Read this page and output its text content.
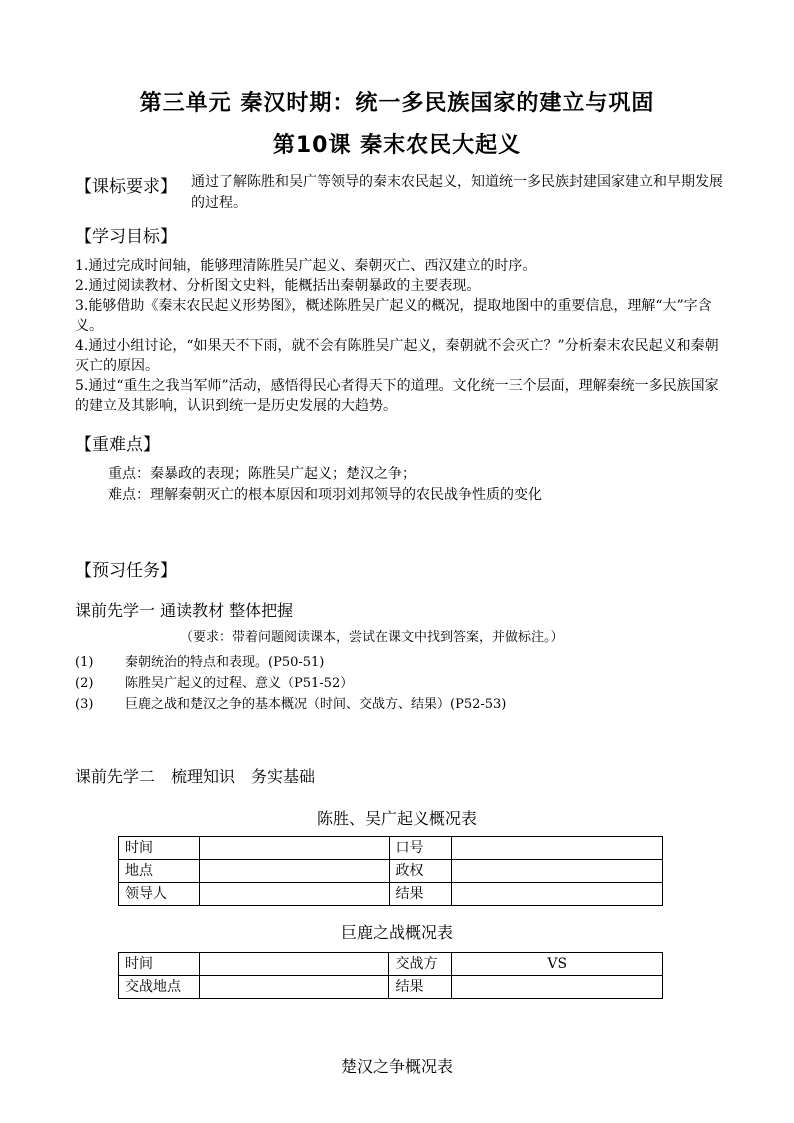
第三单元 秦汉时期：统一多民族国家的建立与巩固
第10课 秦末农民大起义
【课标要求】 通过了解陈胜和吴广等领导的秦末农民起义，知道统一多民族封建国家建立和早期发展的过程。
【学习目标】

1.通过完成时间轴，能够理清陈胜吴广起义、秦朝灭亡、西汉建立的时序。

2.通过阅读教材、分析图文史料，能概括出秦朝暴政的主要表现。

3.能够借助《秦末农民起义形势图》，概述陈胜吴广起义的概况，提取地图中的重要信息，理解“大”字含义。

4.通过小组讨论，“如果天不下雨，就不会有陈胜吴广起义，秦朝就不会灭亡？”分析秦末农民起义和秦朝灭亡的原因。

5.通过“重生之我当军师”活动，感悟得民心者得天下的道理。文化统一三个层面，理解秦统一多民族国家的建立及其影响，认识到统一是历史发展的大趋势。

【重难点】

重点：秦暴政的表现；陈胜吴广起义；楚汉之争；

难点：理解秦朝灭亡的根本原因和项羽刘邦领导的农民战争性质的变化

【预习任务】
课前先学一 通读教材 整体把握
（要求：带着问题阅读课本，尝试在课文中找到答案，并做标注。）
(1)	秦朝统治的特点和表现。(P50-51)
(2)	陈胜吴广起义的过程、意义（P51-52）
(3)	巨鹿之战和楚汉之争的基本概况（时间、交战方、结果）(P52-53)
课前先学二　梳理知识　务实基础
陈胜、吴广起义概况表
时间		口号	
地点		政权	
领导人		结果	
巨鹿之战概况表
时间		交战方	VS
交战地点		结果	
楚汉之争概况表
